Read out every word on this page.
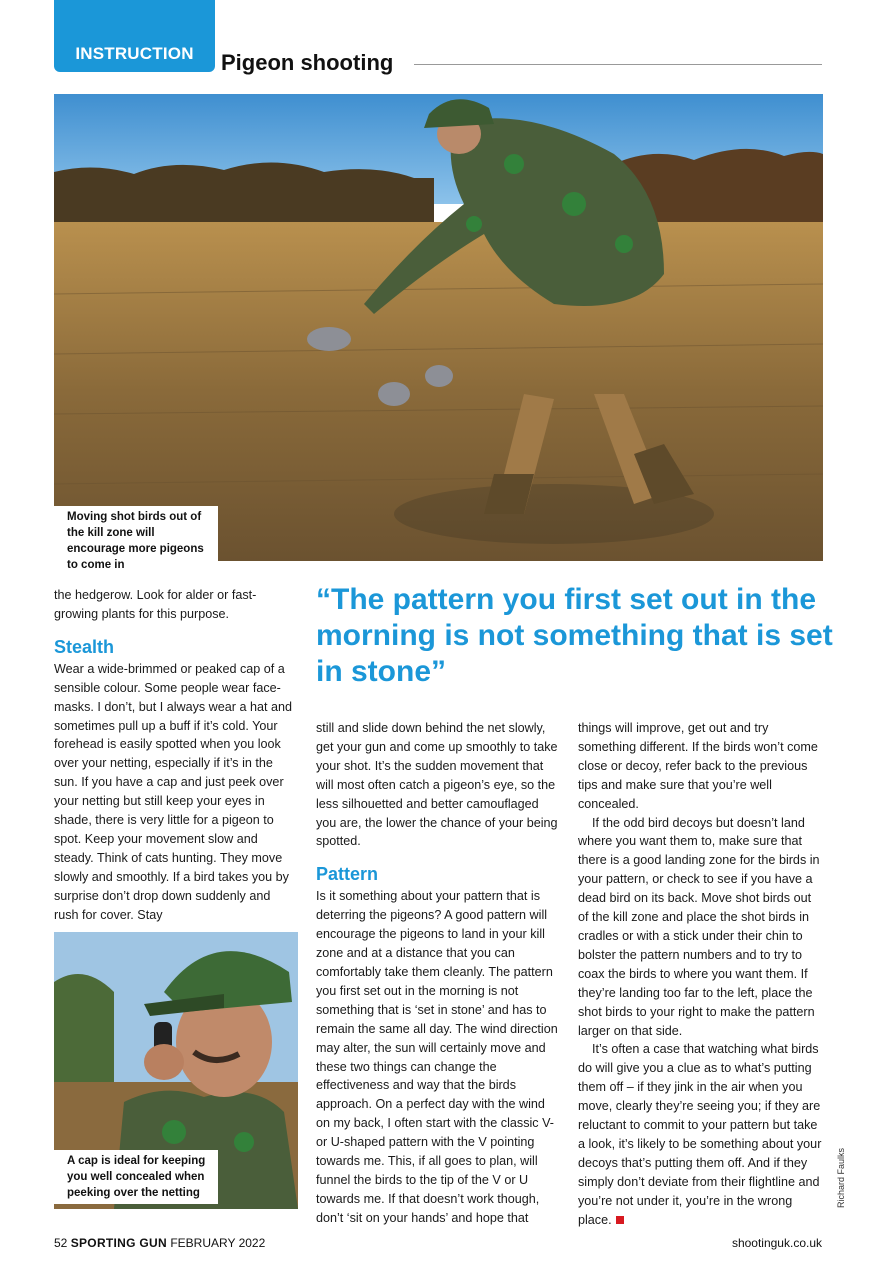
INSTRUCTION	Pigeon shooting
Moving shot birds out of the kill zone will encourage more pigeons to come in
“The pattern you first set out in the morning is not something that is set in stone”

the hedgerow. Look for alder or fast-growing plants for this purpose.

Stealth

Wear a wide-brimmed or peaked cap of a sensible colour. Some people wear face-masks. I don’t, but I always wear a hat and sometimes pull up a buff if it’s cold. Your forehead is easily spotted when you look over your netting, especially if it’s in the sun. If you have a cap and just peek over your netting but still keep your eyes in shade, there is very little for a pigeon to spot. Keep your movement slow and steady. Think of cats hunting. They move slowly and smoothly. If a bird takes you by surprise don’t drop down suddenly and rush for cover. Stay

A cap is ideal for keeping you well concealed when peeking over the netting

still and slide down behind the net slowly, get your gun and come up smoothly to take your shot. It’s the sudden movement that will most often catch a pigeon’s eye, so the less silhouetted and better camouflaged you are, the lower the chance of your being spotted.

Pattern

Is it something about your pattern that is deterring the pigeons? A good pattern will encourage the pigeons to land in your kill zone and at a distance that you can comfortably take them cleanly. The pattern you first set out in the morning is not something that is ‘set in stone’ and has to remain the same all day. The wind direction may alter, the sun will certainly move and these two things can change the effectiveness and way that the birds approach. On a perfect day with the wind on my back, I often start with the classic V- or U-shaped pattern with the V pointing towards me. This, if all goes to plan, will funnel the birds to the tip of the V or U towards me. If that doesn’t work though, don’t ‘sit on your hands’ and hope that

things will improve, get out and try something different. If the birds won’t come close or decoy, refer back to the previous tips and make sure that you’re well concealed.

If the odd bird decoys but doesn’t land where you want them to, make sure that there is a good landing zone for the birds in your pattern, or check to see if you have a dead bird on its back. Move shot birds out of the kill zone and place the shot birds in cradles or with a stick under their chin to bolster the pattern numbers and to try to coax the birds to where you want them. If they’re landing too far to the left, place the shot birds to your right to make the pattern larger on that side.

It’s often a case that watching what birds do will give you a clue as to what’s putting them off – if they jink in the air when you move, clearly they’re seeing you; if they are reluctant to commit to your pattern but take a look, it’s likely to be something about your decoys that’s putting them off. And if they simply don’t deviate from their flightline and you’re not under it, you’re in the wrong place.

Richard Faulks
52 SPORTING GUN FEBRUARY 2022	shootinguk.co.uk
